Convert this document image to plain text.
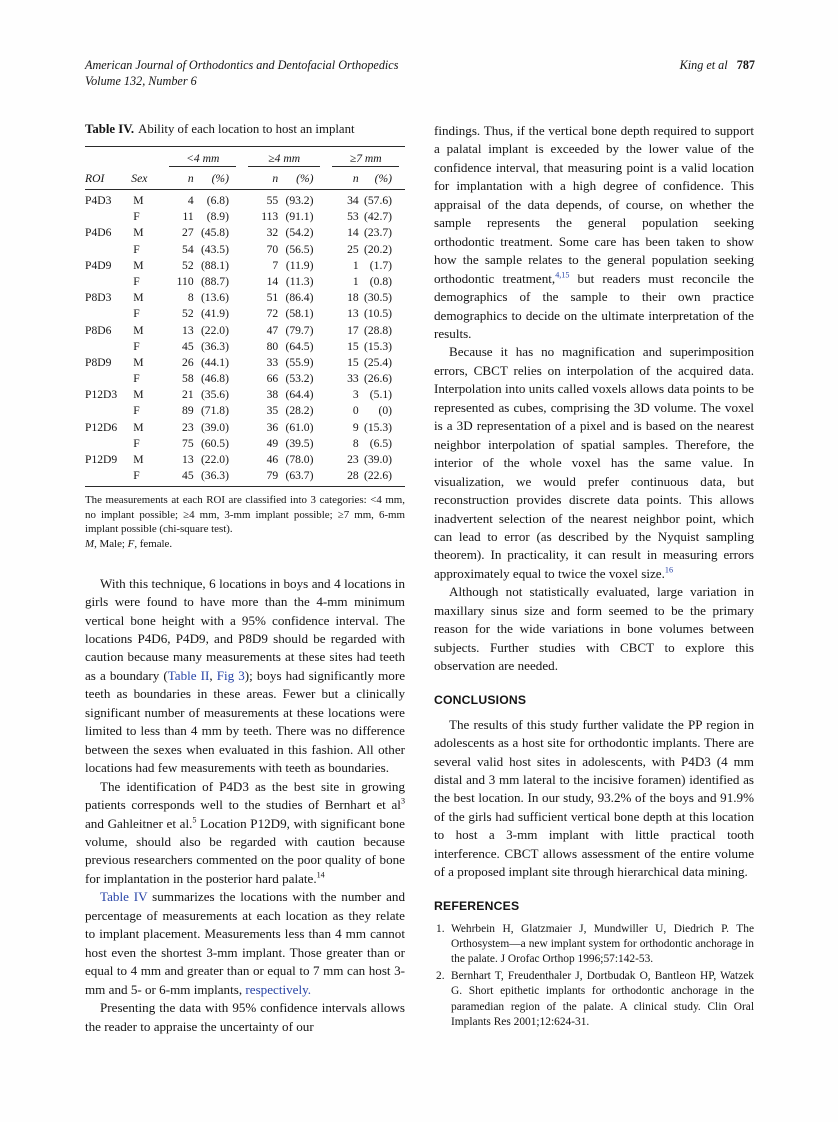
American Journal of Orthodontics and Dentofacial Orthopedics
Volume 132, Number 6
King et al 787
Table IV. Ability of each location to host an implant

		<4 mm		≥4 mm		≥7 mm	

ROI	Sex	n	(%)	n	(%)	n	(%)
P4D3	M	4	(6.8)	55	(93.2)	34	(57.6)
	F	11	(8.9)	113	(91.1)	53	(42.7)
P4D6	M	27	(45.8)	32	(54.2)	14	(23.7)
	F	54	(43.5)	70	(56.5)	25	(20.2)
P4D9	M	52	(88.1)	7	(11.9)	1	(1.7)
	F	110	(88.7)	14	(11.3)	1	(0.8)
P8D3	M	8	(13.6)	51	(86.4)	18	(30.5)
	F	52	(41.9)	72	(58.1)	13	(10.5)
P8D6	M	13	(22.0)	47	(79.7)	17	(28.8)
	F	45	(36.3)	80	(64.5)	15	(15.3)
P8D9	M	26	(44.1)	33	(55.9)	15	(25.4)
	F	58	(46.8)	66	(53.2)	33	(26.6)
P12D3	M	21	(35.6)	38	(64.4)	3	(5.1)
	F	89	(71.8)	35	(28.2)	0	(0)
P12D6	M	23	(39.0)	36	(61.0)	9	(15.3)
	F	75	(60.5)	49	(39.5)	8	(6.5)
P12D9	M	13	(22.0)	46	(78.0)	23	(39.0)
	F	45	(36.3)	79	(63.7)	28	(22.6)
The measurements at each ROI are classified into 3 categories: <4 mm, no implant possible; ≥4 mm, 3-mm implant possible; ≥7 mm, 6-mm implant possible (chi-square test).
M, Male; F, female.

With this technique, 6 locations in boys and 4 locations in girls were found to have more than the 4-mm minimum vertical bone height with a 95% confidence interval. The locations P4D6, P4D9, and P8D9 should be regarded with caution because many measurements at these sites had teeth as a boundary (Table II, Fig 3); boys had significantly more teeth as boundaries in these areas. Fewer but a clinically significant number of measurements at these locations were limited to less than 4 mm by teeth. There was no difference between the sexes when evaluated in this fashion. All other locations had few measurements with teeth as boundaries.

The identification of P4D3 as the best site in growing patients corresponds well to the studies of Bernhart et $al^3$ and Gahleitner et al.$^5$ Location P12D9, with significant bone volume, should also be regarded with caution because previous researchers commented on the poor quality of bone for implantation in the posterior hard palate.$^{14}$

Table IV summarizes the locations with the number and percentage of measurements at each location as they relate to implant placement. Measurements less than 4 mm cannot host even the shortest 3-mm implant. Those greater than or equal to 4 mm and greater than or equal to 7 mm can host 3-mm and 5- or 6-mm implants, respectively.

Presenting the data with 95% confidence intervals allows the reader to appraise the uncertainty of our

findings. Thus, if the vertical bone depth required to support a palatal implant is exceeded by the lower value of the confidence interval, that measuring point is a valid location for implantation with a high degree of confidence. This appraisal of the data depends, of course, on whether the sample represents the general population seeking orthodontic treatment. Some care has been taken to show how the sample relates to the general population seeking orthodontic treatment,$^{4,15}$ but readers must reconcile the demographics of the sample to their own practice demographics to decide on the ultimate interpretation of the results.

Because it has no magnification and superimposition errors, CBCT relies on interpolation of the acquired data. Interpolation into units called voxels allows data points to be represented as cubes, comprising the 3D volume. The voxel is a 3D representation of a pixel and is based on the nearest neighbor interpolation of spatial samples. Therefore, the interior of the whole voxel has the same value. In visualization, we would prefer continuous data, but reconstruction provides discrete data points. This allows inadvertent selection of the nearest neighbor point, which can lead to error (as described by the Nyquist sampling theorem). In practicality, it can result in measuring errors approximately equal to twice the voxel size.$^{16}$

Although not statistically evaluated, large variation in maxillary sinus size and form seemed to be the primary reason for the wide variations in bone volumes between subjects. Further studies with CBCT to explore this observation are needed.

CONCLUSIONS

The results of this study further validate the PP region in adolescents as a host site for orthodontic implants. There are several valid host sites in adolescents, with P4D3 (4 mm distal and 3 mm lateral to the incisive foramen) identified as the best location. In our study, 93.2% of the boys and 91.9% of the girls had sufficient vertical bone depth at this location to host a 3-mm implant with little practical tooth interference. CBCT allows assessment of the entire volume of a proposed implant site through hierarchical data mining.

REFERENCES
1. Wehrbein H, Glatzmaier J, Mundwiller U, Diedrich P. The Orthosystem—a new implant system for orthodontic anchorage in the palate. J Orofac Orthop 1996;57:142-53.
2. Bernhart T, Freudenthaler J, Dortbudak O, Bantleon HP, Watzek G. Short epithetic implants for orthodontic anchorage in the paramedian region of the palate. A clinical study. Clin Oral Implants Res 2001;12:624-31.
